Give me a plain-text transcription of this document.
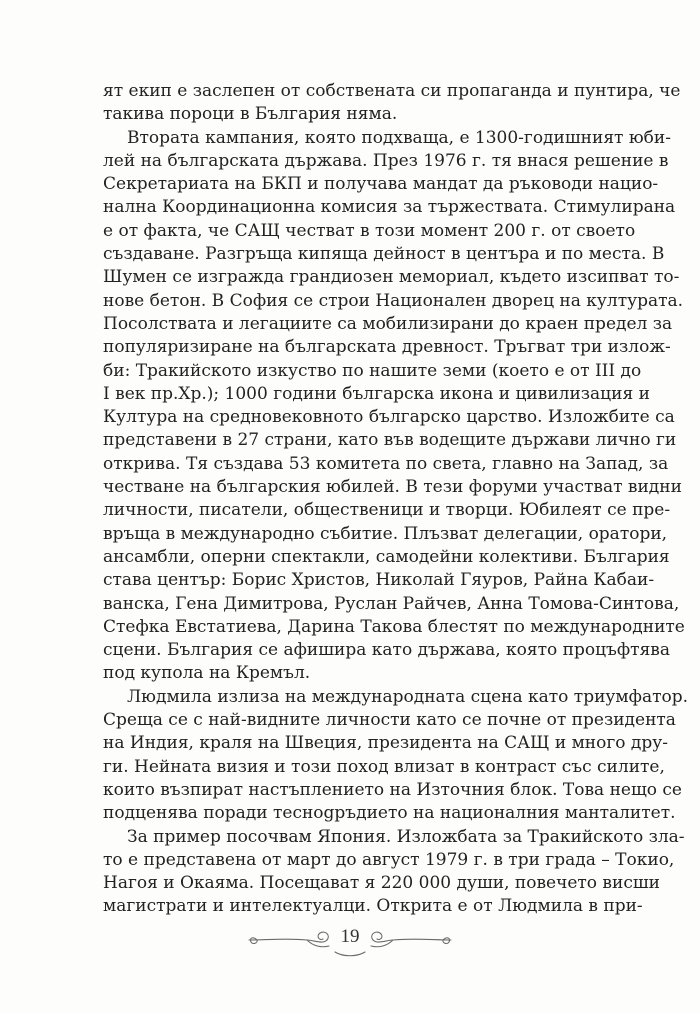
ят екип е заслепен от собствената си пропаганда и пунтира, че
такива пороци в България няма.
Втората кампания, която подхваща, е 1300-годишният юби-
лей на българската държава. През 1976 г. тя внася решение в
Секретариата на БКП и получава мандат да ръководи нацио-
нална Координационна комисия за тържествата. Стимулирана
е от факта, че САЩ честват в този момент 200 г. от своето
създаване. Разгръща кипяща дейност в центъра и по места. В
Шумен се изгражда грандиозен мемориал, където изсипват то-
нове бетон. В София се строи Национален дворец на културата.
Посолствата и легациите са мобилизирани до краен предел за
популяризиране на българската древност. Тръгват три излож-
би: Тракийското изкуство по нашите земи (което е от III до
I век пр.Хр.); 1000 години българска икона и цивилизация и
Култура на средновековното българско царство. Изложбите са
представени в 27 страни, като във водещите държави лично ги
открива. Тя създава 53 комитета по света, главно на Запад, за
честване на българския юбилей. В тези форуми участват видни
личности, писатели, общественици и творци. Юбилеят се пре-
връща в международно събитие. Плъзват делегации, оратори,
ансамбли, оперни спектакли, самодейни колективи. България
става център: Борис Христов, Николай Гяуров, Райна Кабаи-
ванска, Гена Димитрова, Руслан Райчев, Анна Томова-Синтова,
Стефка Евстатиева, Дарина Такова блестят по международните
сцени. България се афишира като държава, която процъфтява
под купола на Кремъл.
Людмила излиза на международната сцена като триумфатор.
Среща се с най-видните личности като се почне от президента
на Индия, краля на Швеция, президента на САЩ и много дру-
ги. Нейната визия и този поход влизат в контраст със силите,
които възпират настъплението на Източния блок. Това нещо се
подценява поради теснogръдието на националния манталитет.
За пример посочвам Япония. Изложбата за Тракийското зла-
то е представена от март до август 1979 г. в три града – Токио,
Нагоя и Окаяма. Посещават я 220 000 души, повечето висши
магистрати и интелектуалци. Открита е от Людмила в при-
19
